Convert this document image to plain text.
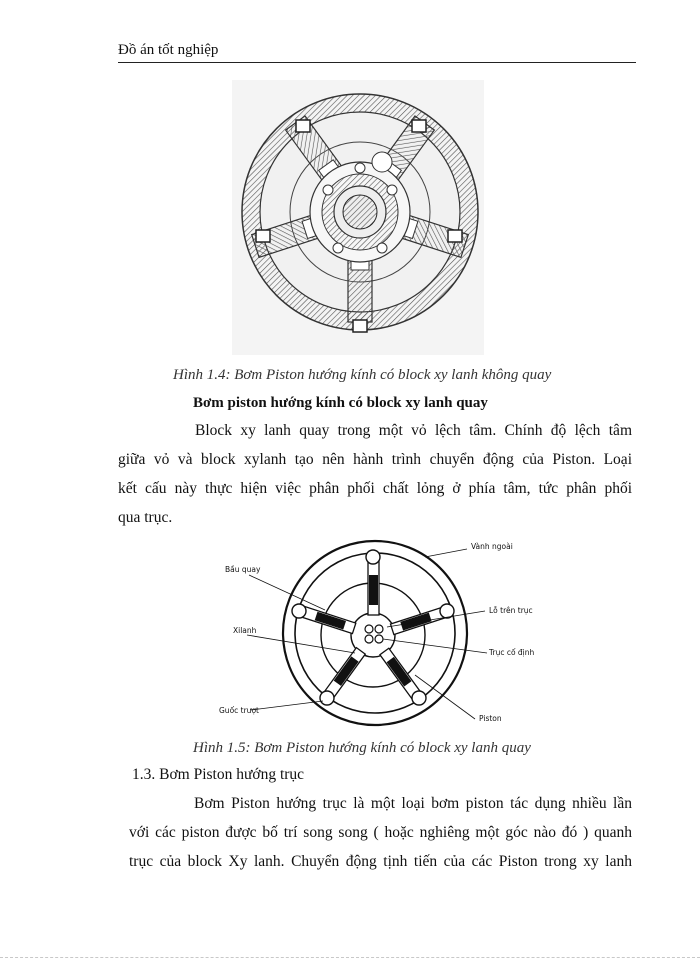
Đồ án tốt nghiệp
Hình 1.4: Bơm Piston hướng kính có block xy lanh không quay
Bơm piston hướng kính có block xy lanh quay
Block xy lanh quay trong một vỏ lệch tâm. Chính độ lệch tâm
giữa vỏ và block xylanh tạo nên hành trình chuyển động của Piston. Loại
kết cấu này thực hiện việc phân phối chất lỏng ở phía tâm, tức phân phối
qua trục.
Vành ngoài
Bầu quay
Lỗ trên trục
Xilanh
Trục cố định
Guốc trượt
Piston
Hình 1.5: Bơm Piston hướng kính có block xy lanh quay
1.3. Bơm Piston hướng trục
Bơm Piston hướng trục là một loại bơm piston tác dụng nhiều lần
với các piston được bố trí song song ( hoặc nghiêng một góc nào đó ) quanh
trục của block Xy lanh. Chuyển động tịnh tiến của các Piston trong xy lanh
